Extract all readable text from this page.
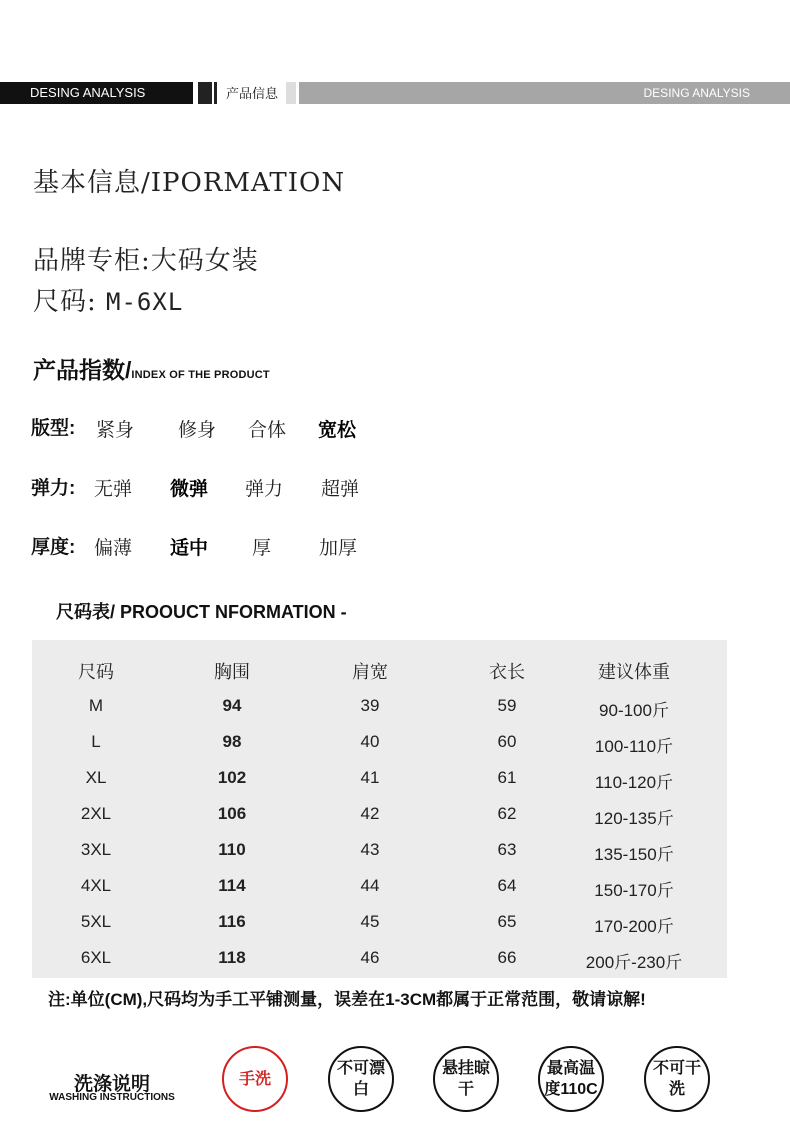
DESING ANALYSIS	产品信息	DESING ANALYSIS
基本信息/IPORMATION
品牌专柜:大码女装
尺码: M-6XL
产品指数/INDEX OF THE PRODUCT
版型: 紧身 修身 合体 宽松
弹力: 无弹 微弹 弹力 超弹
厚度: 偏薄 适中 厚	加厚
尺码表/ PROOUCT NFORMATION -
尺码	胸围	肩宽	衣长	建议体重
M	94	39	59	90-100斤
L	98	40	60	100-110斤
XL	102	41	61	110-120斤
2XL	106	42	62	120-135斤
3XL	110	43	63	135-150斤
4XL	114	44	64	150-170斤
5XL	116	45	65	170-200斤
6XL	118	46	66	200斤-230斤
注:单位(CM),尺码均为手工平铺测量，误差在1-3CM都属于正常范围，敬请谅解!
洗涤说明
WASHING INSTRUCTIONS
手洗
不可漂白
悬挂晾干
最高温度110C
不可干洗
